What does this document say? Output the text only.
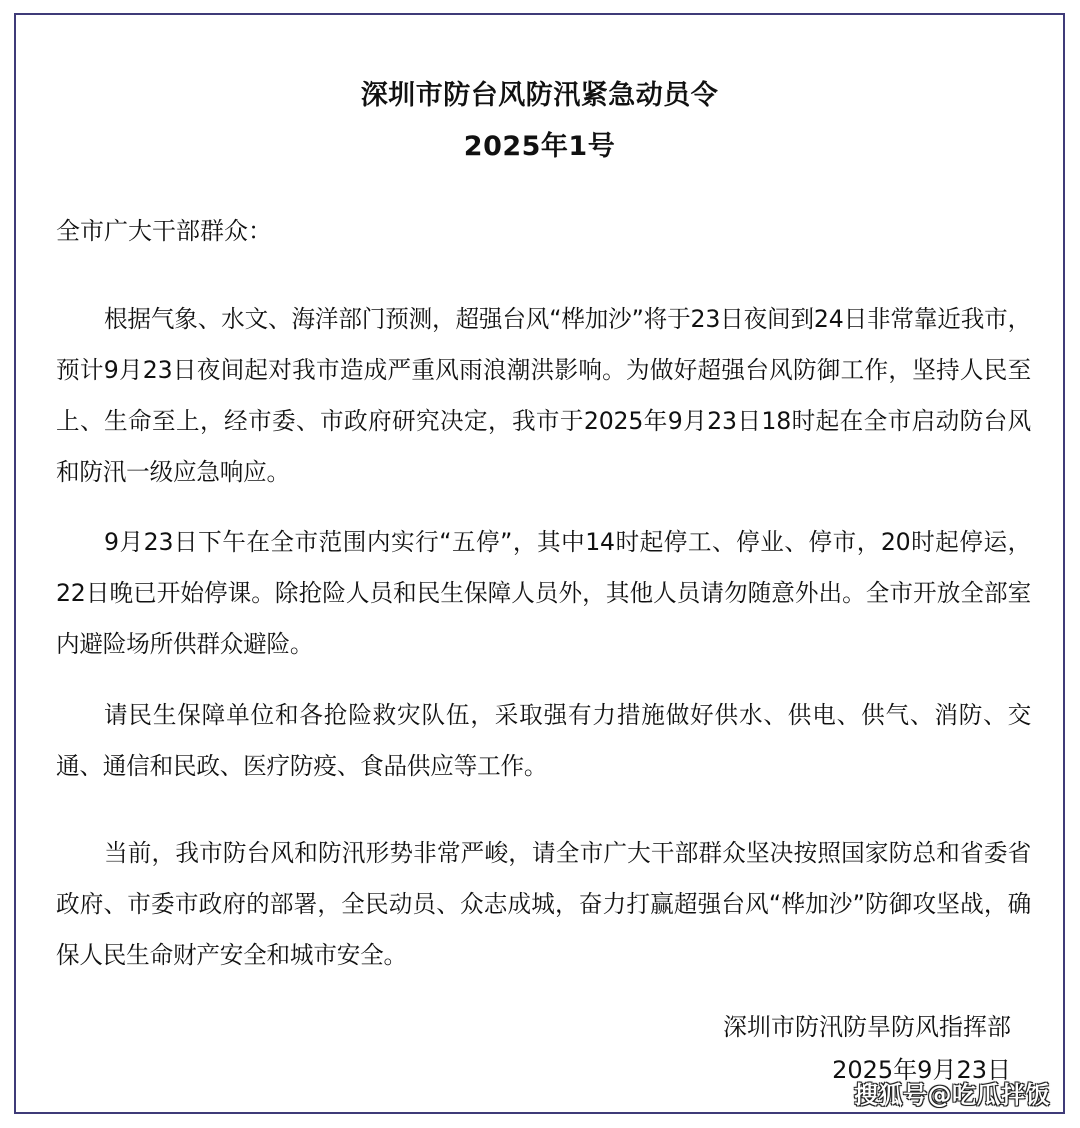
深圳市防台风防汛紧急动员令
2025年1号
全市广大干部群众：

根据气象、水文、海洋部门预测，超强台风“桦加沙”将于23日夜间到24日非常靠近我市，预计9月23日夜间起对我市造成严重风雨浪潮洪影响。为做好超强台风防御工作，坚持人民至上、生命至上，经市委、市政府研究决定，我市于2025年9月23日18时起在全市启动防台风和防汛一级应急响应。

9月23日下午在全市范围内实行“五停”，其中14时起停工、停业、停市，20时起停运，22日晚已开始停课。除抢险人员和民生保障人员外，其他人员请勿随意外出。全市开放全部室内避险场所供群众避险。

请民生保障单位和各抢险救灾队伍，采取强有力措施做好供水、供电、供气、消防、交通、通信和民政、医疗防疫、食品供应等工作。

当前，我市防台风和防汛形势非常严峻，请全市广大干部群众坚决按照国家防总和省委省政府、市委市政府的部署，全民动员、众志成城，奋力打赢超强台风“桦加沙”防御攻坚战，确保人民生命财产安全和城市安全。

深圳市防汛防旱防风指挥部
2025年9月23日
搜狐号@吃瓜拌饭
